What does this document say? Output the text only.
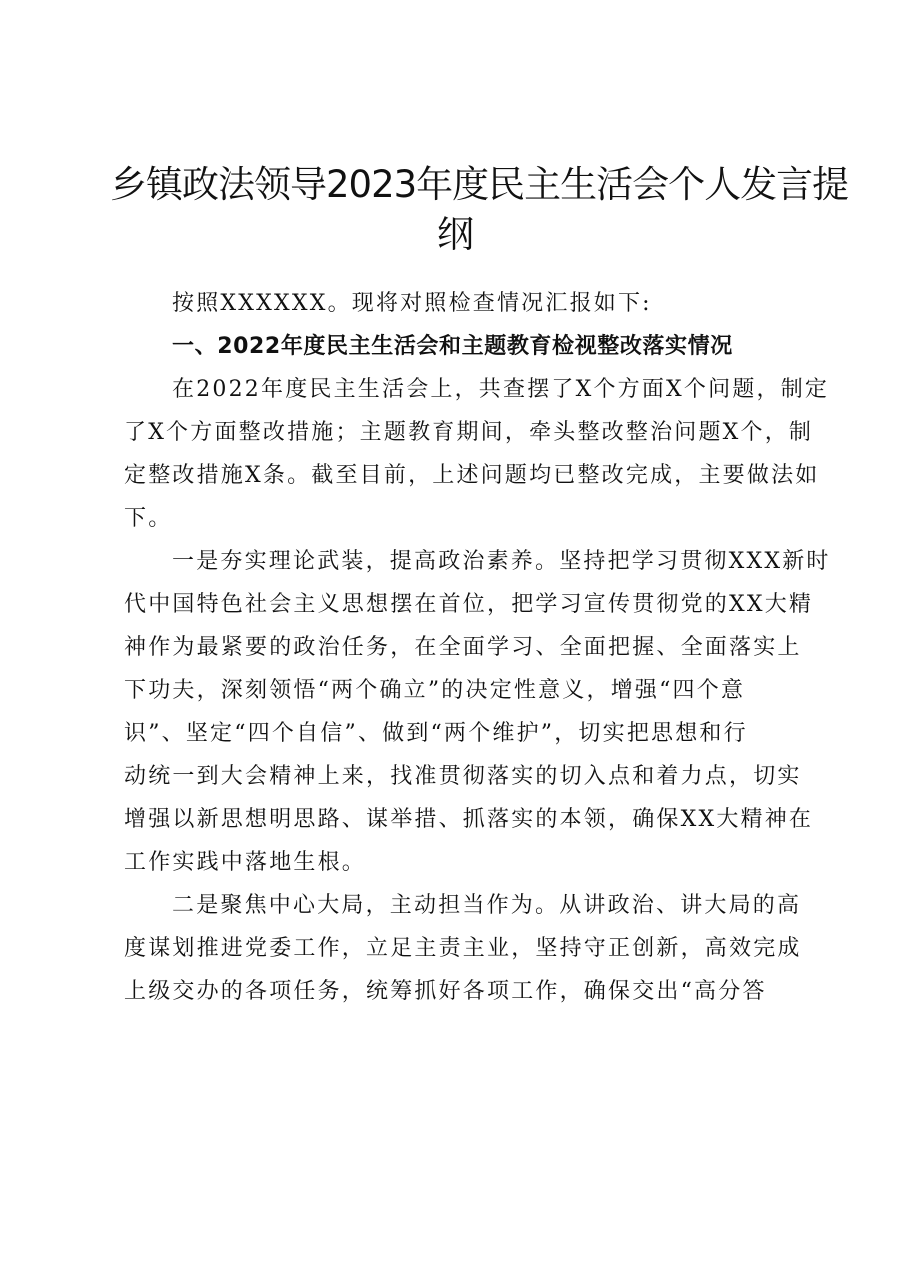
乡镇政法领导2023年度民主生活会个人发言提
纲

按照XXXXXX。现将对照检查情况汇报如下:

一、2022年度民主生活会和主题教育检视整改落实情况

在2022年度民主生活会上，共查摆了X个方面X个问题，制定
了X个方面整改措施；主题教育期间，牵头整改整治问题X个，制
定整改措施X条。截至目前，上述问题均已整改完成，主要做法如
下。

一是夯实理论武装，提高政治素养。坚持把学习贯彻XXX新时
代中国特色社会主义思想摆在首位，把学习宣传贯彻党的XX大精
神作为最紧要的政治任务，在全面学习、全面把握、全面落实上
下功夫，深刻领悟“两个确立”的决定性意义，增强“四个意
识”、坚定“四个自信”、做到“两个维护”，切实把思想和行
动统一到大会精神上来，找准贯彻落实的切入点和着力点，切实
增强以新思想明思路、谋举措、抓落实的本领，确保XX大精神在
工作实践中落地生根。

二是聚焦中心大局，主动担当作为。从讲政治、讲大局的高
度谋划推进党委工作，立足主责主业，坚持守正创新，高效完成
上级交办的各项任务，统筹抓好各项工作，确保交出“高分答
